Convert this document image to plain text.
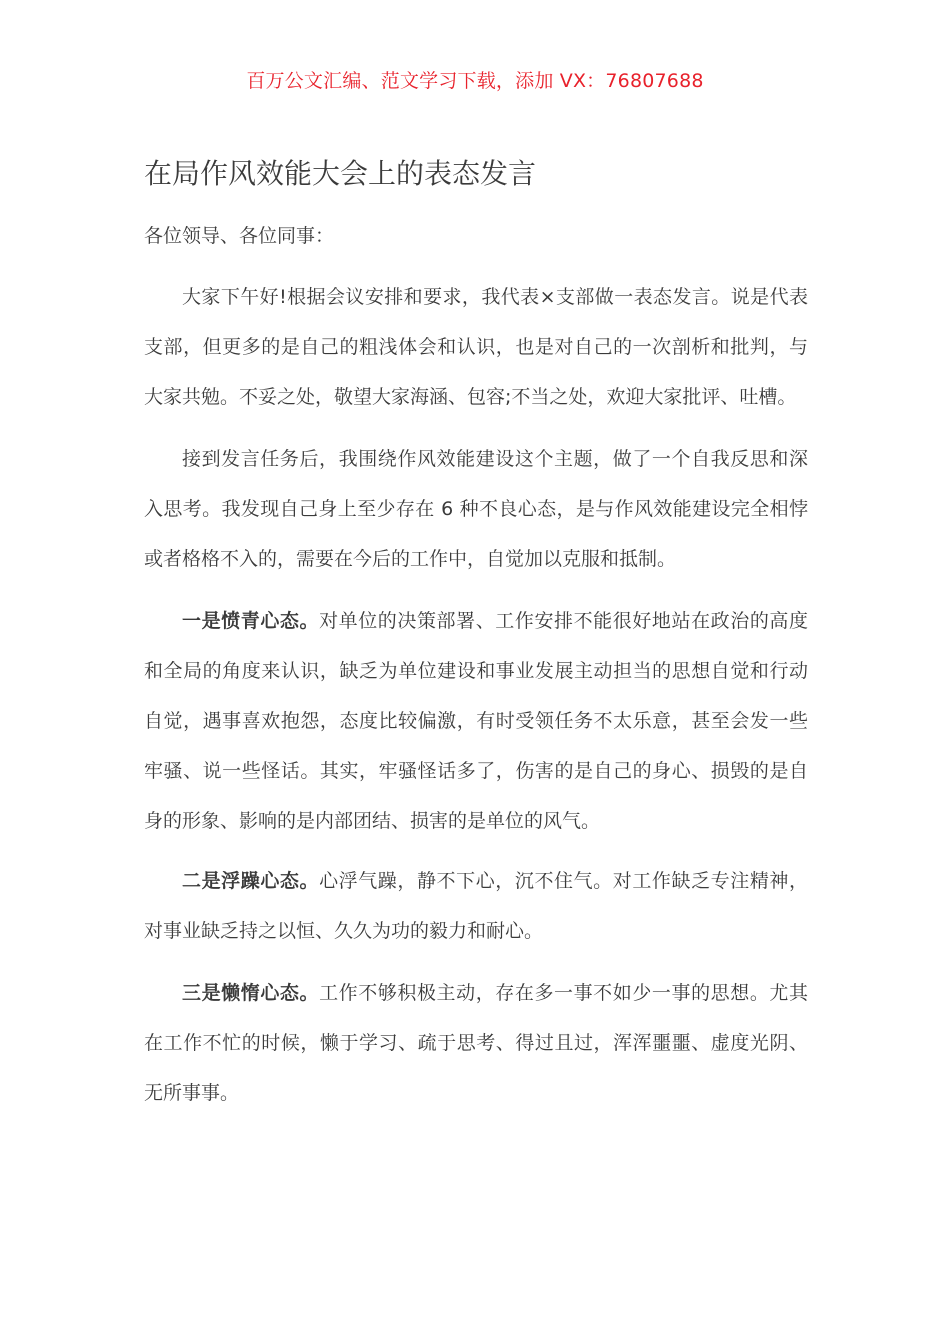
百万公文汇编、范文学习下载，添加 VX：76807688
在局作风效能大会上的表态发言

各位领导、各位同事：

大家下午好!根据会议安排和要求，我代表×支部做一表态发言。说是代表支部，但更多的是自己的粗浅体会和认识，也是对自己的一次剖析和批判，与大家共勉。不妥之处，敬望大家海涵、包容;不当之处，欢迎大家批评、吐槽。

接到发言任务后，我围绕作风效能建设这个主题，做了一个自我反思和深入思考。我发现自己身上至少存在 6 种不良心态，是与作风效能建设完全相悖或者格格不入的，需要在今后的工作中，自觉加以克服和抵制。

一是愤青心态。对单位的决策部署、工作安排不能很好地站在政治的高度和全局的角度来认识，缺乏为单位建设和事业发展主动担当的思想自觉和行动自觉，遇事喜欢抱怨，态度比较偏激，有时受领任务不太乐意，甚至会发一些牢骚、说一些怪话。其实，牢骚怪话多了，伤害的是自己的身心、损毁的是自身的形象、影响的是内部团结、损害的是单位的风气。

二是浮躁心态。心浮气躁，静不下心，沉不住气。对工作缺乏专注精神，对事业缺乏持之以恒、久久为功的毅力和耐心。

三是懒惰心态。工作不够积极主动，存在多一事不如少一事的思想。尤其在工作不忙的时候，懒于学习、疏于思考、得过且过，浑浑噩噩、虚度光阴、无所事事。
